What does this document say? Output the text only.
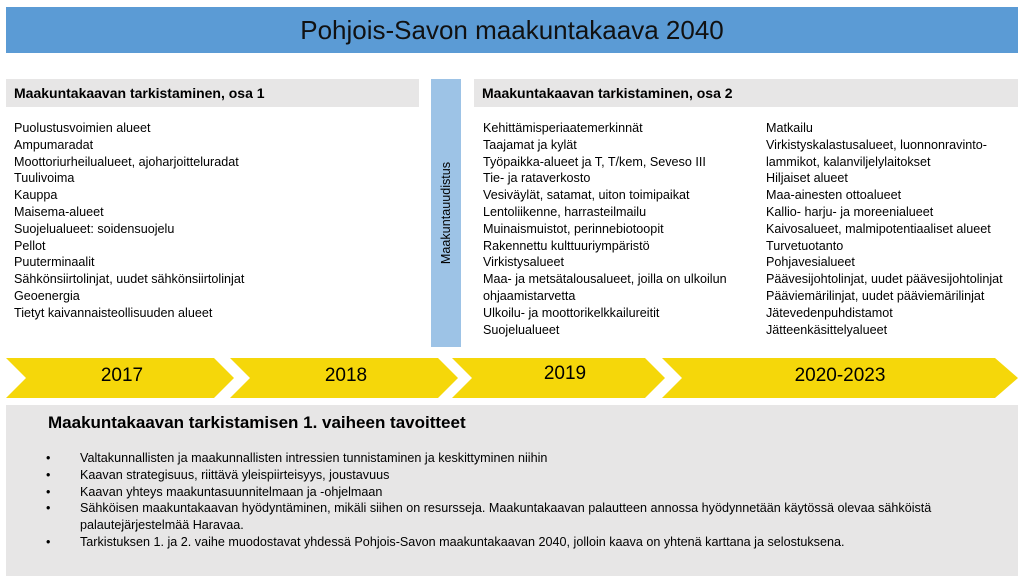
Pohjois-Savon maakuntakaava 2040
Maakuntakaavan tarkistaminen, osa 1
Puolustusvoimien alueet
Ampumaradat
Moottoriurheilualueet, ajoharjoitteluradat
Tuulivoima
Kauppa
Maisema-alueet
Suojelualueet: soidensuojelu
Pellot
Puuterminaalit
Sähkönsiirtolinjat, uudet sähkönsiirtolinjat
Geoenergia
Tietyt kaivannaisteollisuuden alueet
Maakuntauudistus
Maakuntakaavan tarkistaminen, osa 2
Kehittämisperiaatemerkinnät
Taajamat ja kylät
Työpaikka-alueet ja T, T/kem, Seveso III
Tie- ja rataverkosto
Vesiväylät, satamat, uiton toimipaikat
Lentoliikenne, harrasteilmailu
Muinaismuistot, perinnebiotoopit
Rakennettu kulttuuriympäristö
Virkistysalueet
Maa- ja metsätalousalueet, joilla on ulkoilun
ohjaamistarvetta
Ulkoilu- ja moottorikelkkailureitit
Suojelualueet
Matkailu
Virkistyskalastusalueet, luonnonravinto-
lammikot, kalanviljelylaitokset
Hiljaiset alueet
Maa-ainesten ottoalueet
Kallio- harju- ja moreenialueet
Kaivosalueet, malmipotentiaaliset alueet
Turvetuotanto
Pohjavesialueet
Päävesijohtolinjat, uudet päävesijohtolinjat
Pääviemärilinjat, uudet pääviemärilinjat
Jätevedenpuhdistamot
Jätteenkäsittelyalueet
2017	2018	2019	2020-2023
Maakuntakaavan tarkistamisen 1. vaiheen tavoitteet
• Valtakunnallisten ja maakunnallisten intressien tunnistaminen ja keskittyminen niihin
• Kaavan strategisuus, riittävä yleispiirteisyys, joustavuus
• Kaavan yhteys maakuntasuunnitelmaan ja -ohjelmaan
• Sähköisen maakuntakaavan hyödyntäminen, mikäli siihen on resursseja. Maakuntakaavan palautteen annossa hyödynnetään käytössä olevaa sähköistä palautejärjestelmää Haravaa.
• Tarkistuksen 1. ja 2. vaihe muodostavat yhdessä Pohjois-Savon maakuntakaavan 2040, jolloin kaava on yhtenä karttana ja selostuksena.
